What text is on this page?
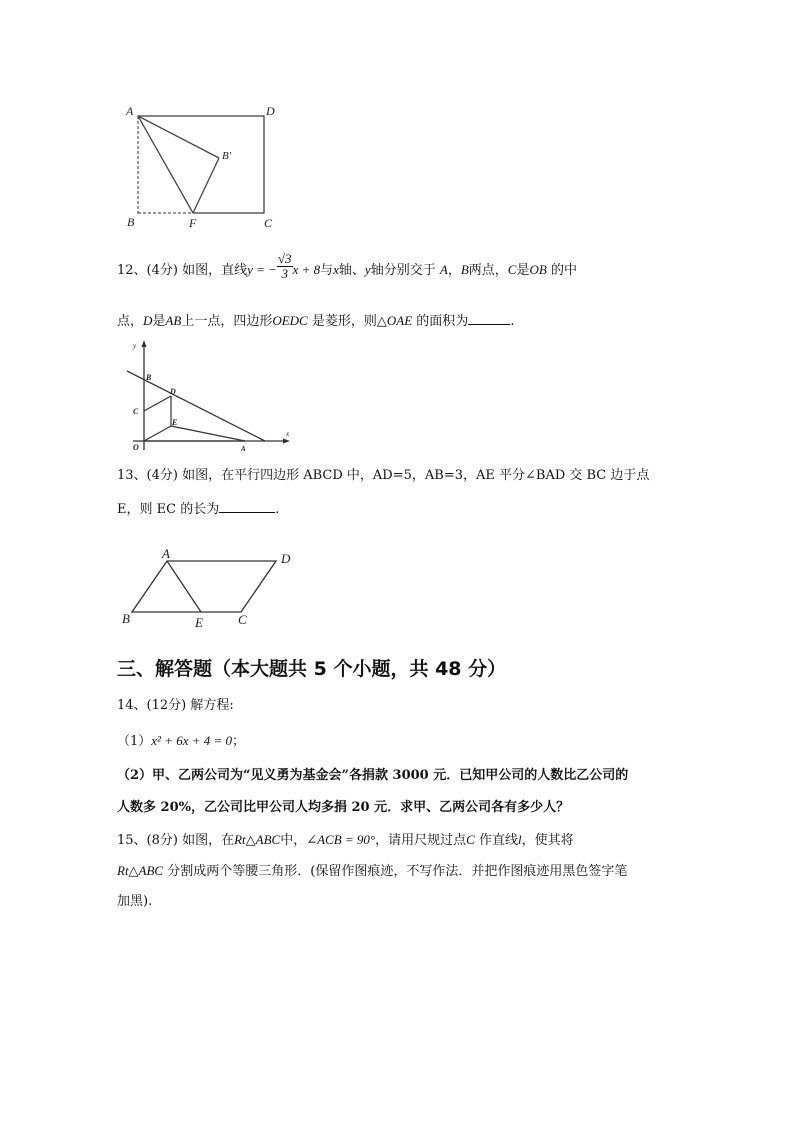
A	D
B'
B	F	C
12、(4分) 如图，直线y = − $\frac{√3}{3}$ x + 8与x轴、y轴分别交于 A，B两点，C是OB 的中
点，D是AB上一点，四边形OEDC 是菱形，则△OAE 的面积为	.
y
x
B
D
C
E
O	A
13、(4分) 如图，在平行四边形 ABCD 中，AD=5，AB=3，AE 平分∠BAD 交 BC 边于点
E，则 EC 的长为	.
A	D
B	E	C
三、解答题（本大题共 5 个小题，共 48 分）
14、(12分) 解方程:
（1）x² + 6x + 4 = 0；
（2）甲、乙两公司为“见义勇为基金会”各捐款 3000 元．已知甲公司的人数比乙公司的
人数多 20%，乙公司比甲公司人均多捐 20 元．求甲、乙两公司各有多少人？
15、(8分) 如图，在Rt△ABC中，∠ACB = 90°，请用尺规过点C 作直线l，使其将
Rt△ABC 分割成两个等腰三角形．(保留作图痕迹，不写作法．并把作图痕迹用黑色签字笔
加黑).
